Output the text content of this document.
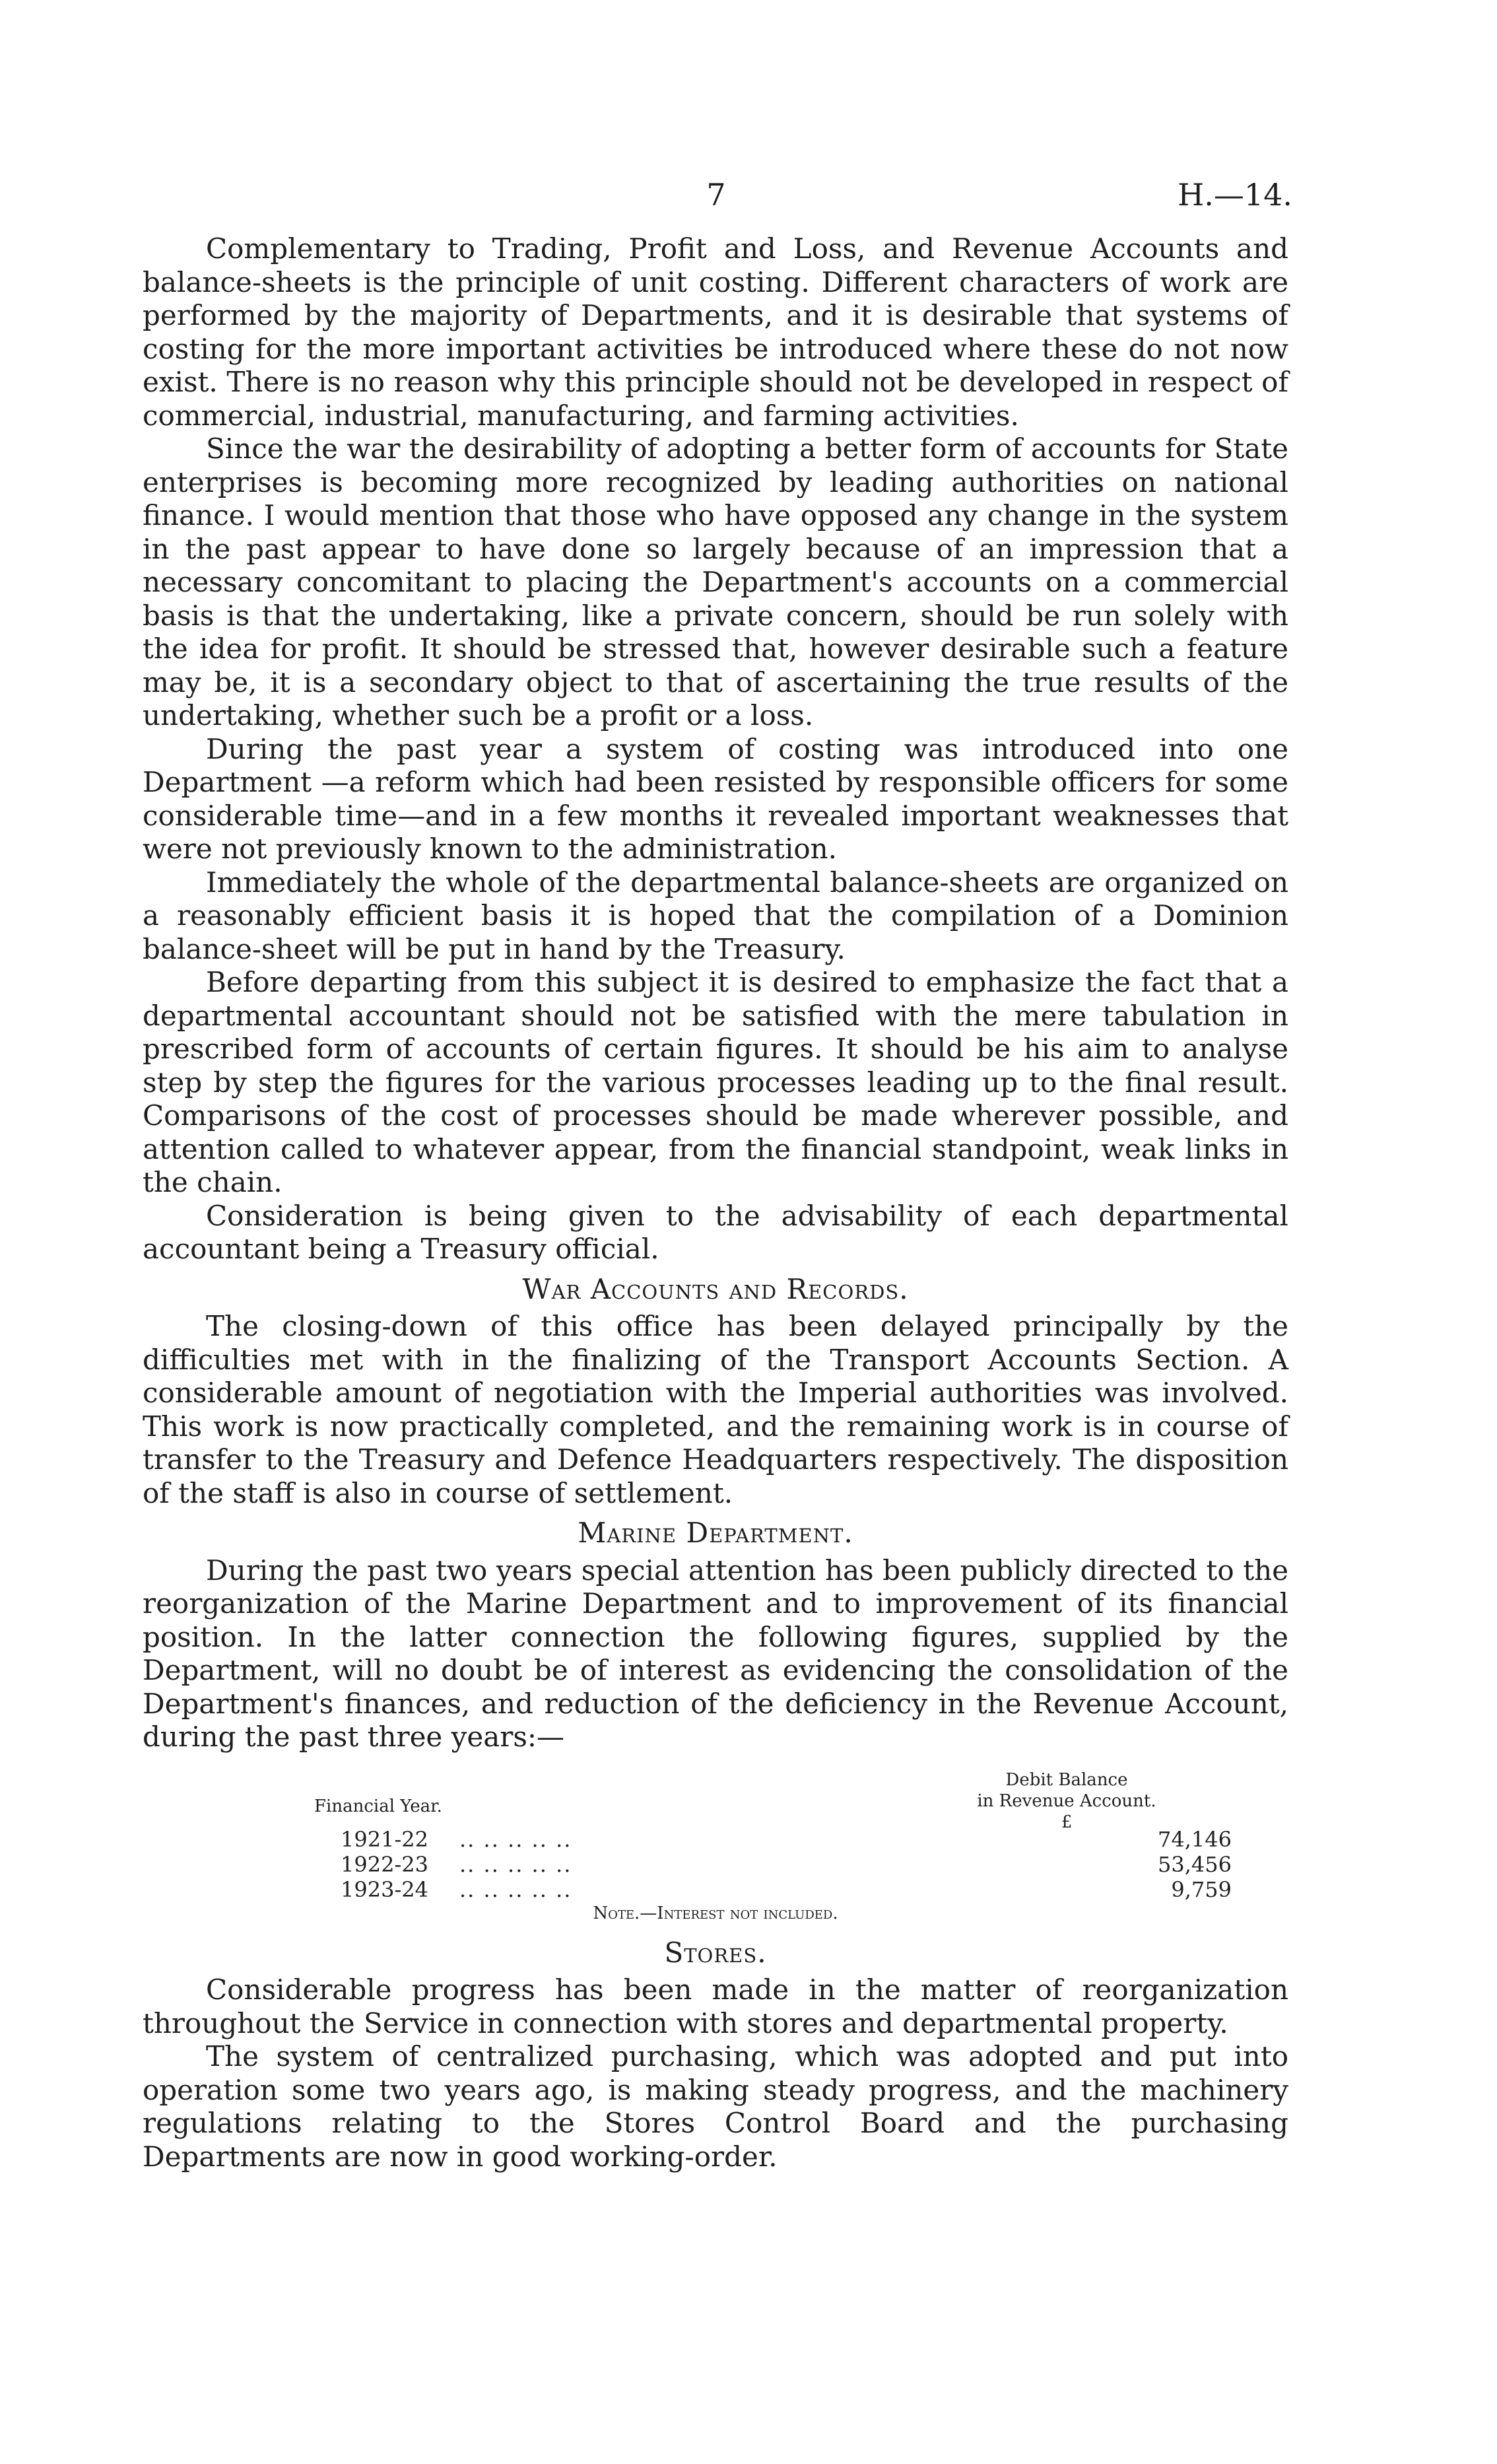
7	H.—14.

Complementary to Trading, Profit and Loss, and Revenue Accounts and balance-sheets is the principle of unit costing. Different characters of work are performed by the majority of Departments, and it is desirable that systems of costing for the more important activities be introduced where these do not now exist. There is no reason why this principle should not be developed in respect of commercial, industrial, manufacturing, and farming activities.

Since the war the desirability of adopting a better form of accounts for State enterprises is becoming more recognized by leading authorities on national finance. I would mention that those who have opposed any change in the system in the past appear to have done so largely because of an impression that a necessary concomitant to placing the Department's accounts on a commercial basis is that the undertaking, like a private concern, should be run solely with the idea for profit. It should be stressed that, however desirable such a feature may be, it is a secondary object to that of ascertaining the true results of the undertaking, whether such be a profit or a loss.

During the past year a system of costing was introduced into one Department —a reform which had been resisted by responsible officers for some considerable time—and in a few months it revealed important weaknesses that were not previously known to the administration.

Immediately the whole of the departmental balance-sheets are organized on a reasonably efficient basis it is hoped that the compilation of a Dominion balance-sheet will be put in hand by the Treasury.

Before departing from this subject it is desired to emphasize the fact that a departmental accountant should not be satisfied with the mere tabulation in prescribed form of accounts of certain figures. It should be his aim to analyse step by step the figures for the various processes leading up to the final result. Comparisons of the cost of processes should be made wherever possible, and attention called to whatever appear, from the financial standpoint, weak links in the chain.

Consideration is being given to the advisability of each departmental accountant being a Treasury official.

War Accounts and Records.

The closing-down of this office has been delayed principally by the difficulties met with in the finalizing of the Transport Accounts Section. A considerable amount of negotiation with the Imperial authorities was involved. This work is now practically completed, and the remaining work is in course of transfer to the Treasury and Defence Headquarters respectively. The disposition of the staff is also in course of settlement.

Marine Department.

During the past two years special attention has been publicly directed to the reorganization of the Marine Department and to improvement of its financial position. In the latter connection the following figures, supplied by the Department, will no doubt be of interest as evidencing the consolidation of the Department's finances, and reduction of the deficiency in the Revenue Account, during the past three years:—

Financial Year.
Debit Balance
in Revenue Account.
£
1921-22 .. .. .. .. ..	74,146
1922-23 .. .. .. .. ..	53,456
1923-24 .. .. .. .. ..	9,759
Note.—Interest not included.
Stores.

Considerable progress has been made in the matter of reorganization throughout the Service in connection with stores and departmental property.

The system of centralized purchasing, which was adopted and put into operation some two years ago, is making steady progress, and the machinery regulations relating to the Stores Control Board and the purchasing Departments are now in good working-order.
